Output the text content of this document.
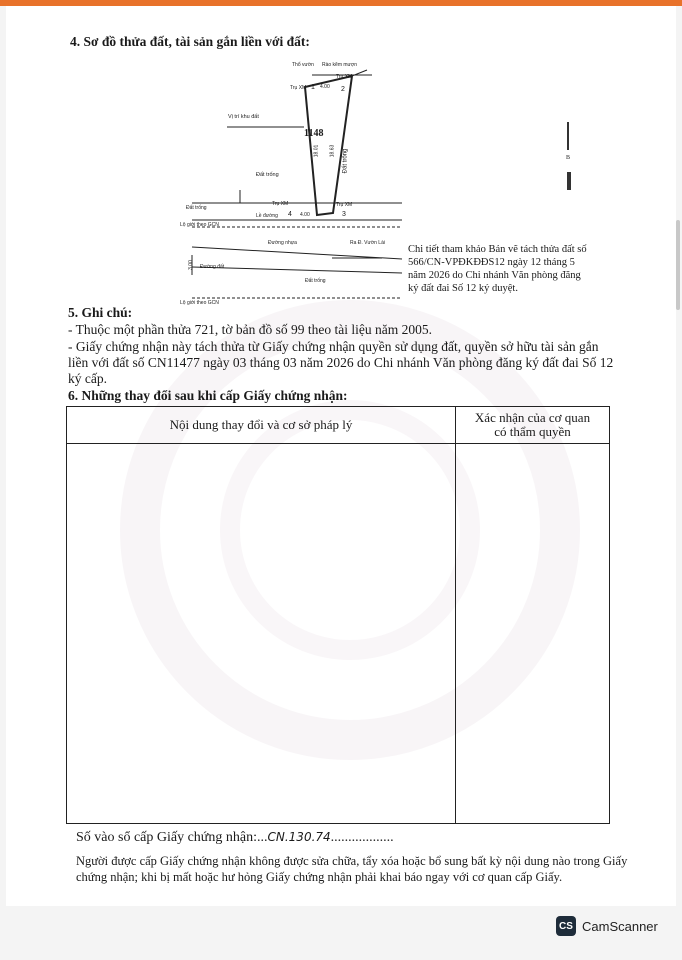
4. Sơ đồ thửa đất, tài sản gắn liền với đất:
Thổ vườn Rào kẽm mượn
Trụ XM
Trụ XM 1	2
4.00
Vị trí khu đất
1148
18.01 18.63 Đất trống
Đất trống
Đất trống
Trụ XM	Trụ XM
4	3
4.00
Lề đường
Lộ giới theo GCN
Đường nhựa	Ra Đ. Vườn Lài
3.00 Đường đất
Đất trống
Lộ giới theo GCN
Chi tiết tham khảo Bản vẽ tách thửa đất số 566/CN-VPĐKĐĐS12 ngày 12 tháng 5 năm 2026 do Chi nhánh Văn phòng đăng ký đất đai Số 12 ký duyệt.
B
5. Ghi chú:
- Thuộc một phần thửa 721, tờ bản đồ số 99 theo tài liệu năm 2005.
- Giấy chứng nhận này tách thửa từ Giấy chứng nhận quyền sử dụng đất, quyền sở hữu tài sản gắn liền với đất số CN11477 ngày 03 tháng 03 năm 2026 do Chi nhánh Văn phòng đăng ký đất đai Số 12 ký cấp.
6. Những thay đổi sau khi cấp Giấy chứng nhận:
Nội dung thay đổi và cơ sở pháp lý	Xác nhận của cơ quan
có thẩm quyền

Số vào sổ cấp Giấy chứng nhận:...CN.130.74..................
Người được cấp Giấy chứng nhận không được sửa chữa, tẩy xóa hoặc bổ sung bất kỳ nội dung nào trong Giấy chứng nhận; khi bị mất hoặc hư hỏng Giấy chứng nhận phải khai báo ngay với cơ quan cấp Giấy.
CS CamScanner
